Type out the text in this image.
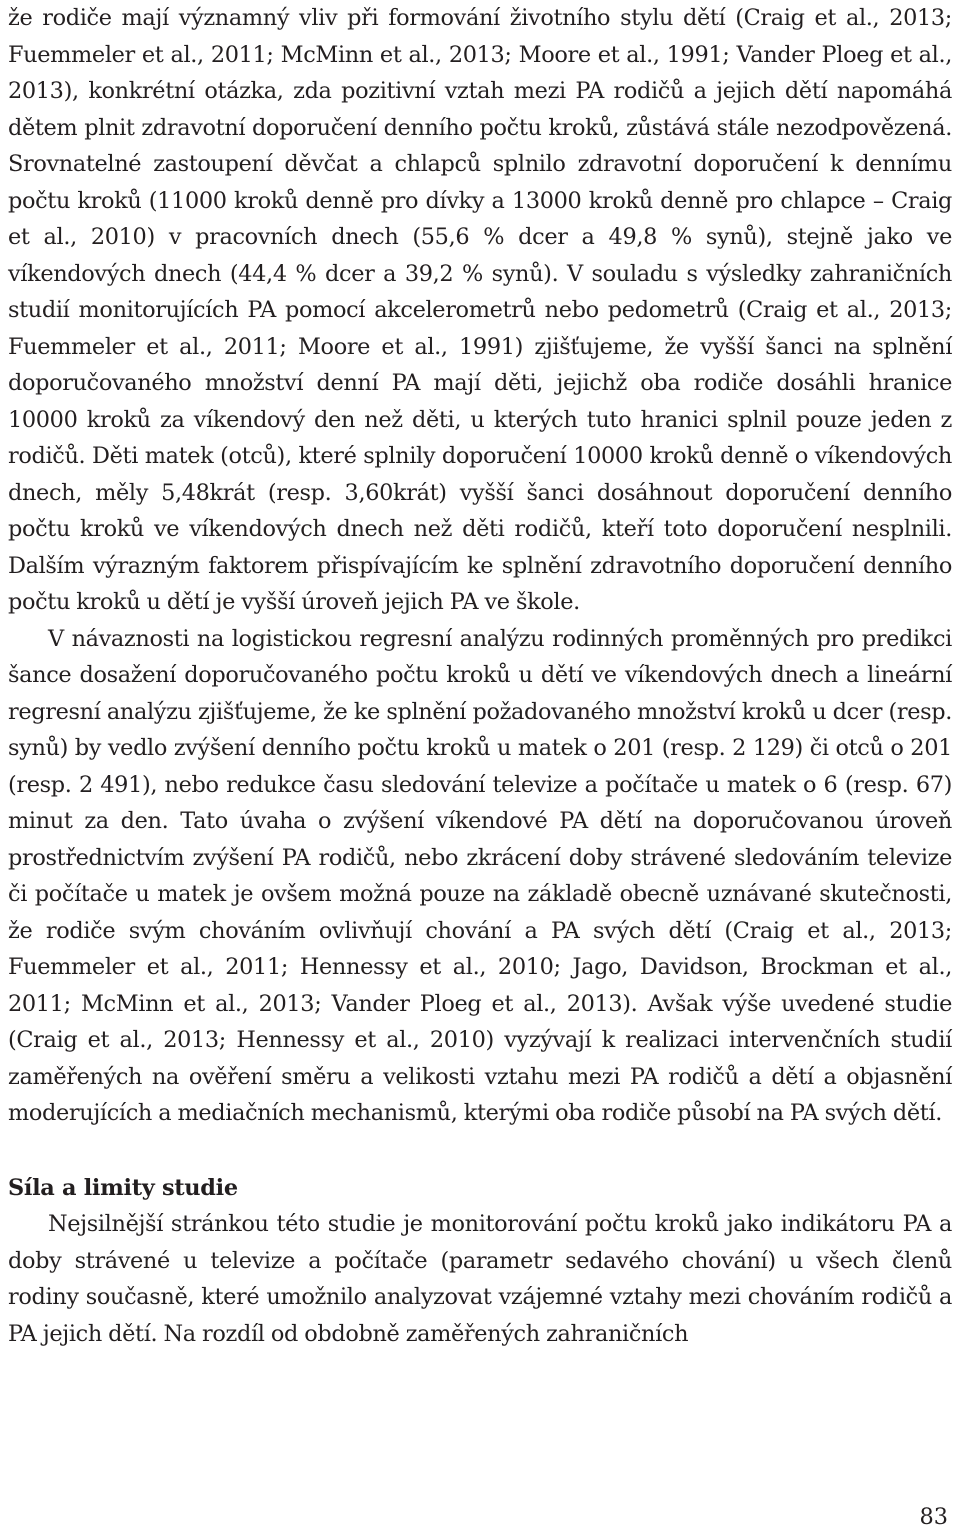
že rodiče mají významný vliv při formování životního stylu dětí (Craig et al., 2013; Fuemmeler et al., 2011; McMinn et al., 2013; Moore et al., 1991; Vander Ploeg et al., 2013), konkrétní otázka, zda pozitivní vztah mezi PA rodičů a jejich dětí napomáhá dětem plnit zdravotní doporučení denního počtu kroků, zůstává stále nezodpovězená. Srovnatelné zastoupení děvčat a chlapců splnilo zdravotní doporučení k dennímu počtu kroků (11000 kroků denně pro dívky a 13000 kroků denně pro chlapce – Craig et al., 2010) v pracovních dnech (55,6 % dcer a 49,8 % synů), stejně jako ve víkendových dnech (44,4 % dcer a 39,2 % synů). V souladu s výsledky zahraničních studií monitorujících PA pomocí akcelerometrů nebo pedometrů (Craig et al., 2013; Fuemmeler et al., 2011; Moore et al., 1991) zjišťujeme, že vyšší šanci na splnění doporučovaného množství denní PA mají děti, jejichž oba rodiče dosáhli hranice 10000 kroků za víkendový den než děti, u kterých tuto hranici splnil pouze jeden z rodičů. Děti matek (otců), které splnily doporučení 10000 kroků denně o víkendových dnech, měly 5,48krát (resp. 3,60krát) vyšší šanci dosáhnout doporučení denního počtu kroků ve víkendových dnech než děti rodičů, kteří toto doporučení nesplnili. Dalším výrazným faktorem přispívajícím ke splnění zdravotního doporučení denního počtu kroků u dětí je vyšší úroveň jejich PA ve škole.

V návaznosti na logistickou regresní analýzu rodinných proměnných pro predikci šance dosažení doporučovaného počtu kroků u dětí ve víkendových dnech a lineární regresní analýzu zjišťujeme, že ke splnění požadovaného množství kroků u dcer (resp. synů) by vedlo zvýšení denního počtu kroků u matek o 201 (resp. 2 129) či otců o 201 (resp. 2 491), nebo redukce času sledování televize a počítače u matek o 6 (resp. 67) minut za den. Tato úvaha o zvýšení víkendové PA dětí na doporučovanou úroveň prostřednictvím zvýšení PA rodičů, nebo zkrácení doby strávené sledováním televize či počítače u matek je ovšem možná pouze na základě obecně uznávané skutečnosti, že rodiče svým chováním ovlivňují chování a PA svých dětí (Craig et al., 2013; Fuemmeler et al., 2011; Hennessy et al., 2010; Jago, Davidson, Brockman et al., 2011; McMinn et al., 2013; Vander Ploeg et al., 2013). Avšak výše uvedené studie (Craig et al., 2013; Hennessy et al., 2010) vyzývají k realizaci intervenčních studií zaměřených na ověření směru a velikosti vztahu mezi PA rodičů a dětí a objasnění moderujících a mediačních mechanismů, kterými oba rodiče působí na PA svých dětí.

Síla a limity studie

Nejsilnější stránkou této studie je monitorování počtu kroků jako indikátoru PA a doby strávené u televize a počítače (parametr sedavého chování) u všech členů rodiny současně, které umožnilo analyzovat vzájemné vztahy mezi chováním rodičů a PA jejich dětí. Na rozdíl od obdobně zaměřených zahraničních

83
